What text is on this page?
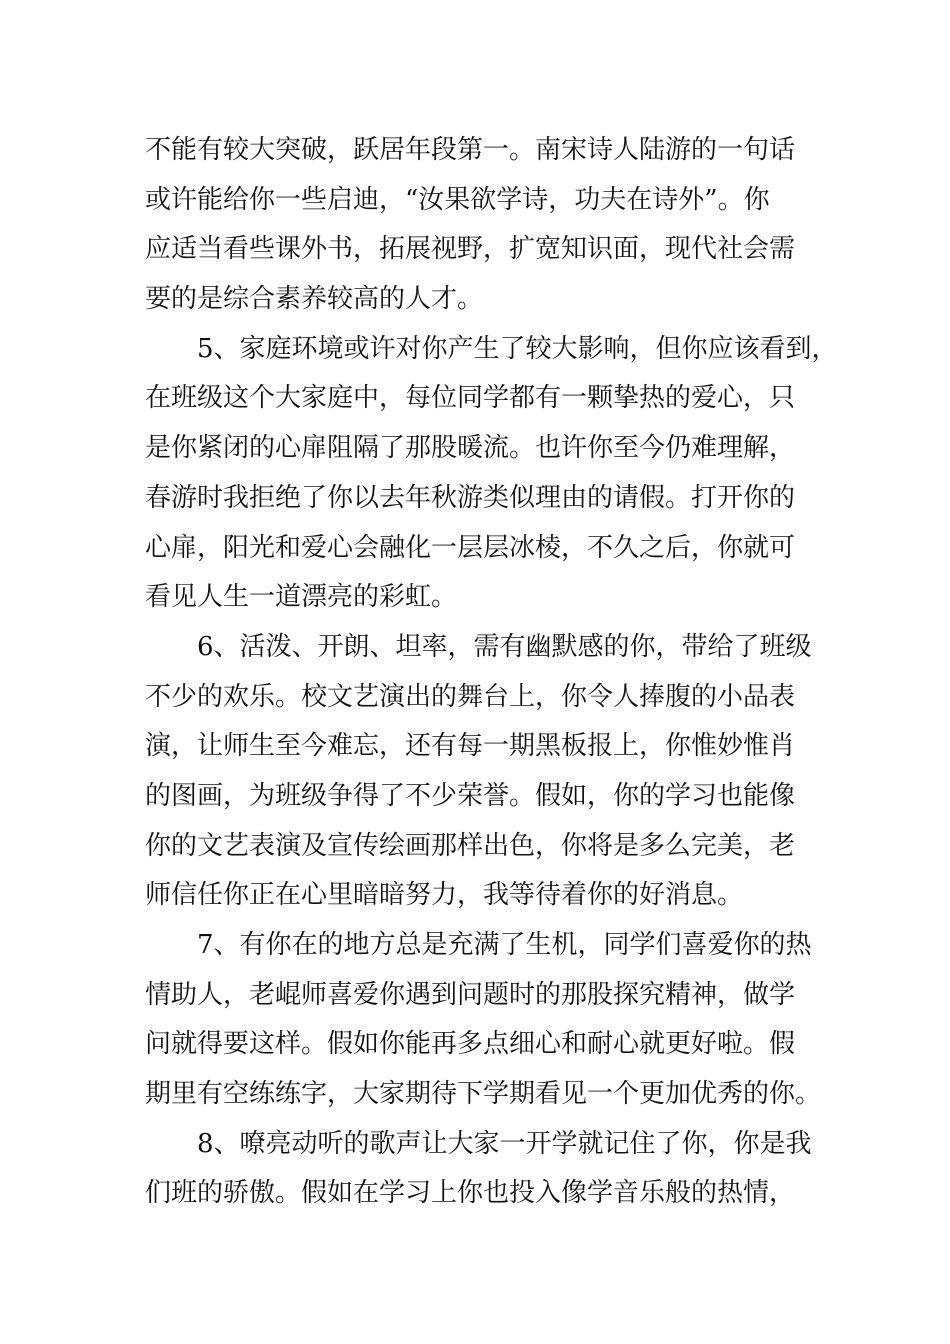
不能有较大突破，跃居年段第一。南宋诗人陆游的一句话
或许能给你一些启迪，“汝果欲学诗，功夫在诗外”。你
应适当看些课外书，拓展视野，扩宽知识面，现代社会需
要的是综合素养较高的人才。
5、家庭环境或许对你产生了较大影响，但你应该看到，
在班级这个大家庭中，每位同学都有一颗挚热的爱心，只
是你紧闭的心扉阻隔了那股暖流。也许你至今仍难理解，
春游时我拒绝了你以去年秋游类似理由的请假。打开你的
心扉，阳光和爱心会融化一层层冰棱，不久之后，你就可
看见人生一道漂亮的彩虹。
6、活泼、开朗、坦率，需有幽默感的你，带给了班级
不少的欢乐。校文艺演出的舞台上，你令人捧腹的小品表
演，让师生至今难忘，还有每一期黑板报上，你惟妙惟肖
的图画，为班级争得了不少荣誉。假如，你的学习也能像
你的文艺表演及宣传绘画那样出色，你将是多么完美，老
师信任你正在心里暗暗努力，我等待着你的好消息。
7、有你在的地方总是充满了生机，同学们喜爱你的热
情助人，老崐师喜爱你遇到问题时的那股探究精神，做学
问就得要这样。假如你能再多点细心和耐心就更好啦。假
期里有空练练字，大家期待下学期看见一个更加优秀的你。
8、嘹亮动听的歌声让大家一开学就记住了你，你是我
们班的骄傲。假如在学习上你也投入像学音乐般的热情，
